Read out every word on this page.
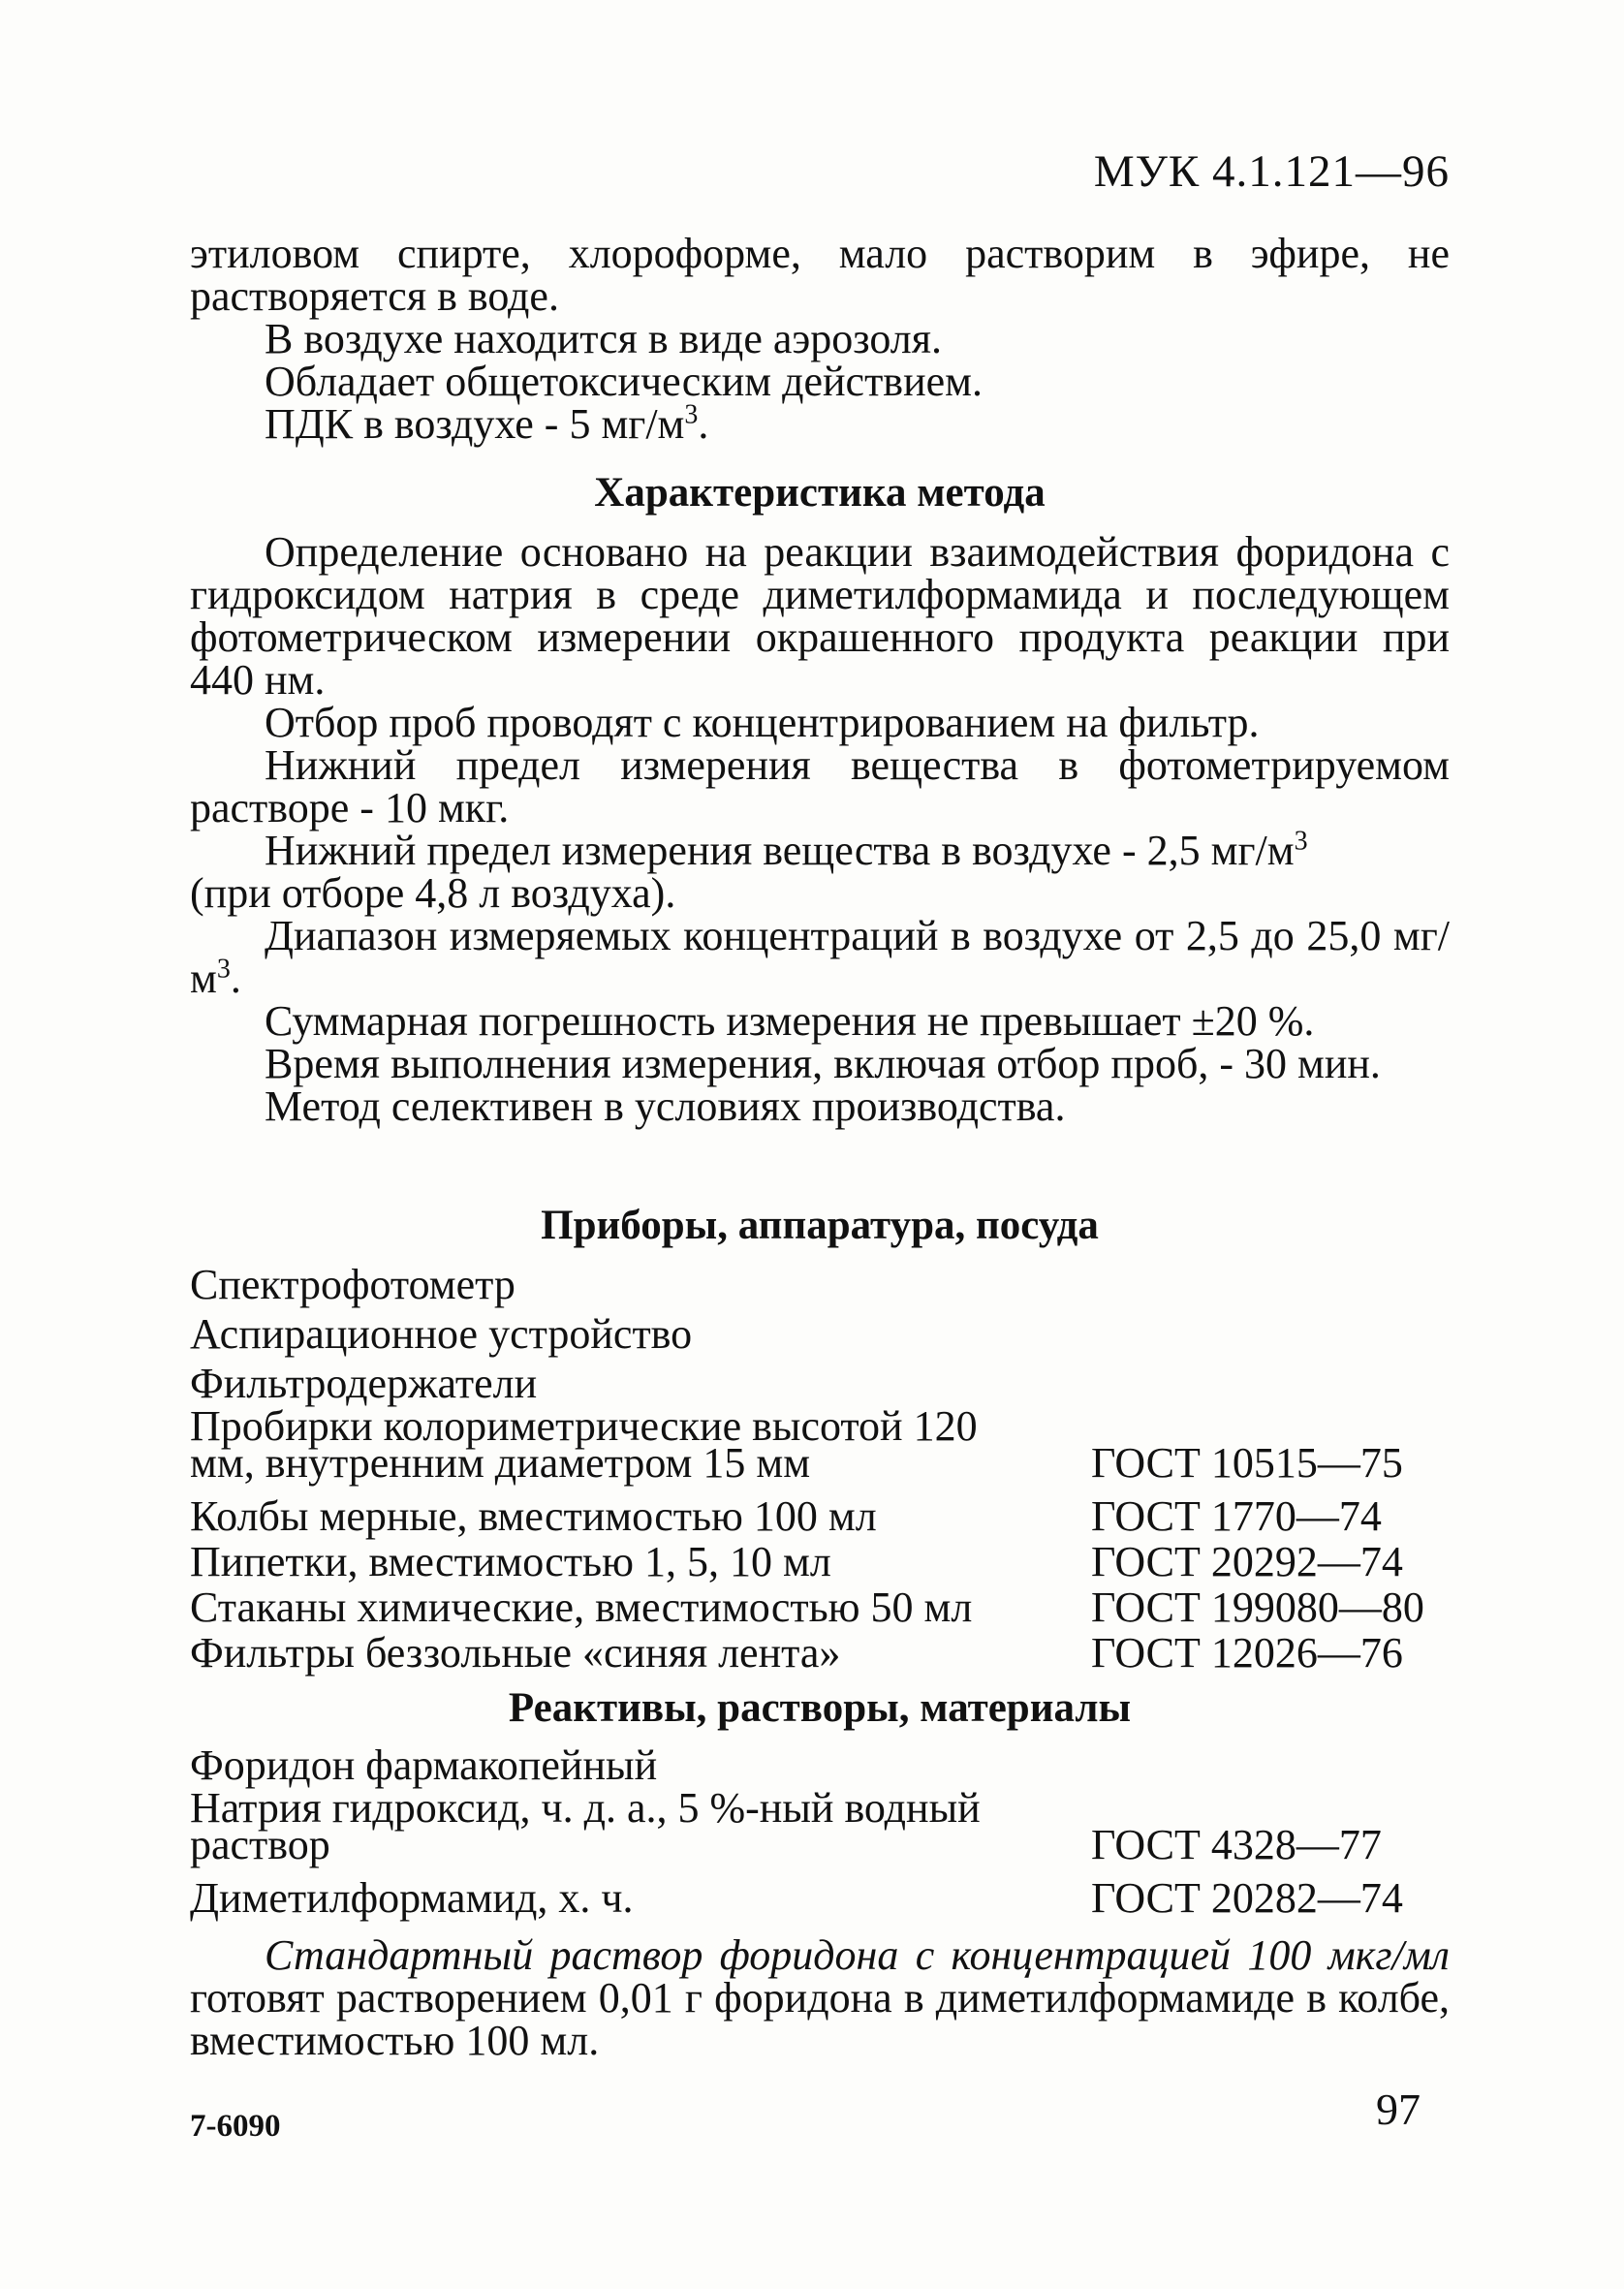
МУК 4.1.121—96

этиловом спирте, хлороформе, мало растворим в эфире, не растворяется в воде.

В воздухе находится в виде аэрозоля.

Обладает общетоксическим действием.

ПДК в воздухе - 5 $мг/м^3$.

Характеристика метода

Определение основано на реакции взаимодействия форидона с гидроксидом натрия в среде диметилформамида и последующем фотометрическом измерении окрашенного продукта реакции при 440 нм.

Отбор проб проводят с концентрированием на фильтр.

Нижний предел измерения вещества в фотометрируемом растворе - 10 мкг.

Нижний предел измерения вещества в воздухе - 2,5 $мг/м^3$

(при отборе 4,8 л воздуха).

Диапазон измеряемых концентраций в воздухе от 2,5 до 25,0 $мг/м^3$.

Суммарная погрешность измерения не превышает ±20 %.

Время выполнения измерения, включая отбор проб, - 30 мин.

Метод селективен в условиях производства.

Приборы, аппаратура, посуда
Спектрофотометр
Аспирационное устройство
Фильтродержатели
Пробирки колориметрические высотой 120 мм, внутренним диаметром 15 мм	ГОСТ 10515—75
Колбы мерные, вместимостью 100 мл	ГОСТ 1770—74
Пипетки, вместимостью 1, 5, 10 мл	ГОСТ 20292—74
Стаканы химические, вместимостью 50 мл	ГОСТ 199080—80
Фильтры беззольные «синяя лента»	ГОСТ 12026—76
Реактивы, растворы, материалы
Форидон фармакопейный
Натрия гидроксид, ч. д. а., 5 %-ный водный раствор	ГОСТ 4328—77
Диметилформамид, х. ч.	ГОСТ 20282—74

Стандартный раствор форидона с концентрацией 100 мкг/мл готовят растворением 0,01 г форидона в диметилформамиде в колбе, вместимостью 100 мл.

7-6090	97
